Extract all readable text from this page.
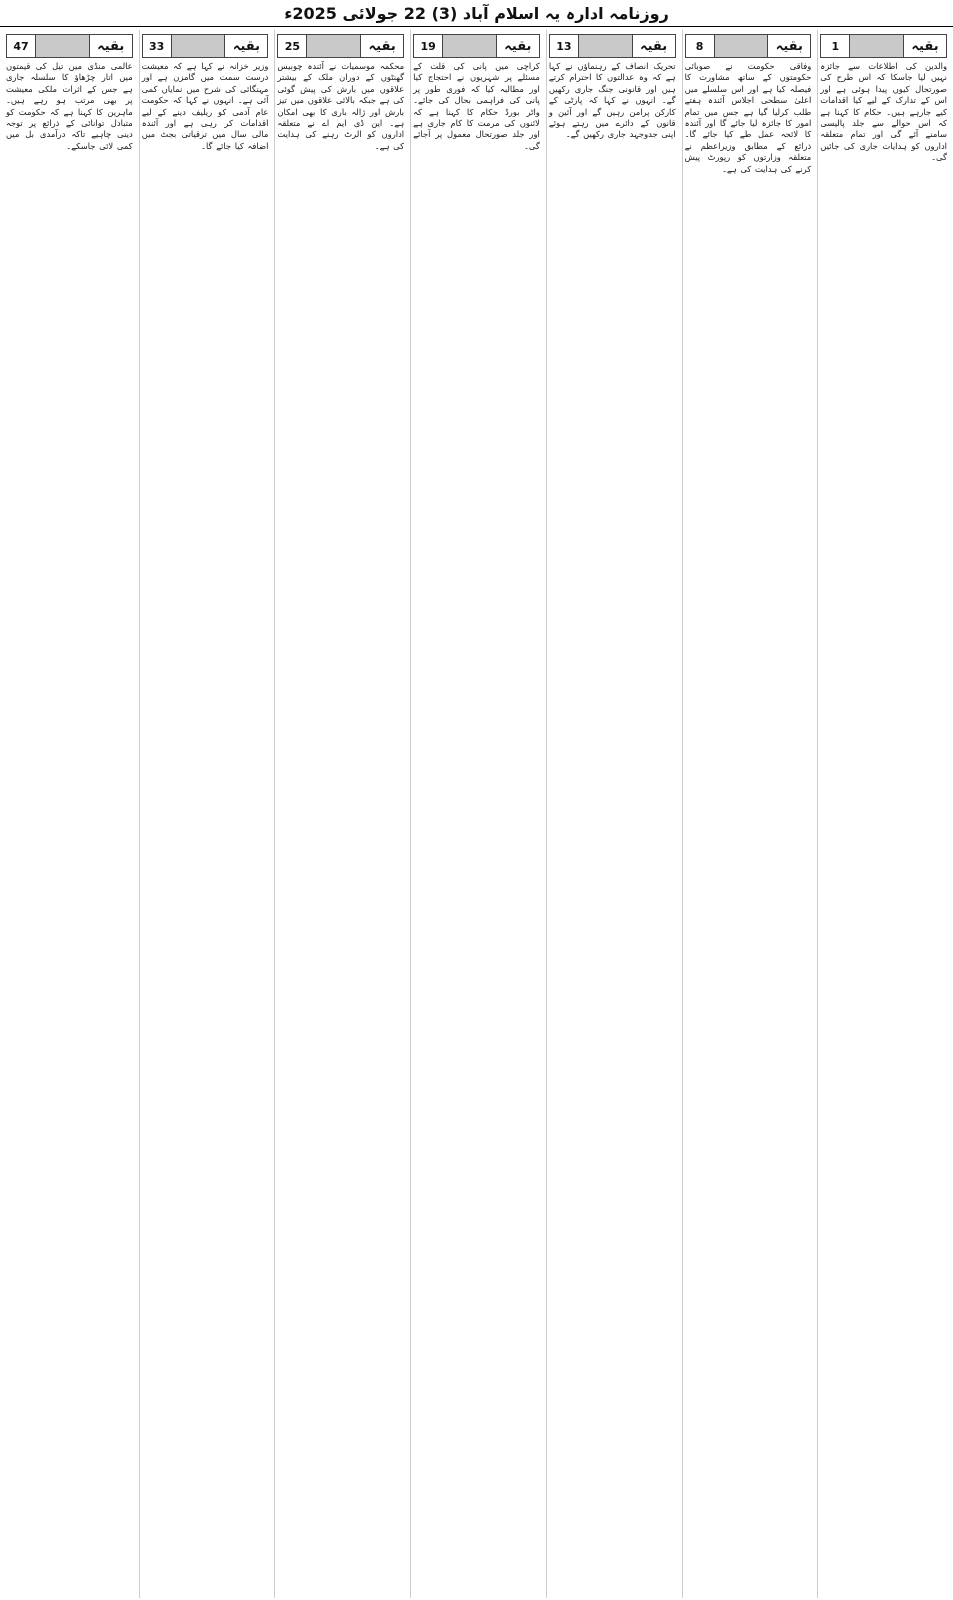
روزنامہ ادارہ یہ اسلام آباد (3) 22 جولائی 2025ء
بقیہ
1
والدین کی اطلاعات سے جائزہ نہیں لیا جاسکا کہ اس طرح کی صورتحال کیوں پیدا ہوئی ہے اور اس کے تدارک کے لیے کیا اقدامات کیے جارہے ہیں۔ حکام کا کہنا ہے کہ اس حوالے سے جلد پالیسی سامنے آئے گی اور تمام متعلقہ اداروں کو ہدایات جاری کی جائیں گی۔
بقیہ
8
وفاقی حکومت نے صوبائی حکومتوں کے ساتھ مشاورت کا فیصلہ کیا ہے اور اس سلسلے میں اعلیٰ سطحی اجلاس آئندہ ہفتے طلب کرلیا گیا ہے جس میں تمام امور کا جائزہ لیا جائے گا اور آئندہ کا لائحہ عمل طے کیا جائے گا۔ ذرائع کے مطابق وزیراعظم نے متعلقہ وزارتوں کو رپورٹ پیش کرنے کی ہدایت کی ہے۔
بقیہ
13
تحریک انصاف کے رہنماؤں نے کہا ہے کہ وہ عدالتوں کا احترام کرتے ہیں اور قانونی جنگ جاری رکھیں گے۔ انہوں نے کہا کہ پارٹی کے کارکن پرامن رہیں گے اور آئین و قانون کے دائرے میں رہتے ہوئے اپنی جدوجہد جاری رکھیں گے۔
بقیہ
19
کراچی میں پانی کی قلت کے مسئلے پر شہریوں نے احتجاج کیا اور مطالبہ کیا کہ فوری طور پر پانی کی فراہمی بحال کی جائے۔ واٹر بورڈ حکام کا کہنا ہے کہ لائنوں کی مرمت کا کام جاری ہے اور جلد صورتحال معمول پر آجائے گی۔
بقیہ
25
محکمہ موسمیات نے آئندہ چوبیس گھنٹوں کے دوران ملک کے بیشتر علاقوں میں بارش کی پیش گوئی کی ہے جبکہ بالائی علاقوں میں تیز بارش اور ژالہ باری کا بھی امکان ہے۔ این ڈی ایم اے نے متعلقہ اداروں کو الرٹ رہنے کی ہدایت کی ہے۔
بقیہ
33
وزیر خزانہ نے کہا ہے کہ معیشت درست سمت میں گامزن ہے اور مہنگائی کی شرح میں نمایاں کمی آئی ہے۔ انہوں نے کہا کہ حکومت عام آدمی کو ریلیف دینے کے لیے اقدامات کر رہی ہے اور آئندہ مالی سال میں ترقیاتی بجٹ میں اضافہ کیا جائے گا۔
بقیہ
47
عالمی منڈی میں تیل کی قیمتوں میں اتار چڑھاؤ کا سلسلہ جاری ہے جس کے اثرات ملکی معیشت پر بھی مرتب ہو رہے ہیں۔ ماہرین کا کہنا ہے کہ حکومت کو متبادل توانائی کے ذرائع پر توجہ دینی چاہیے تاکہ درآمدی بل میں کمی لائی جاسکے۔
